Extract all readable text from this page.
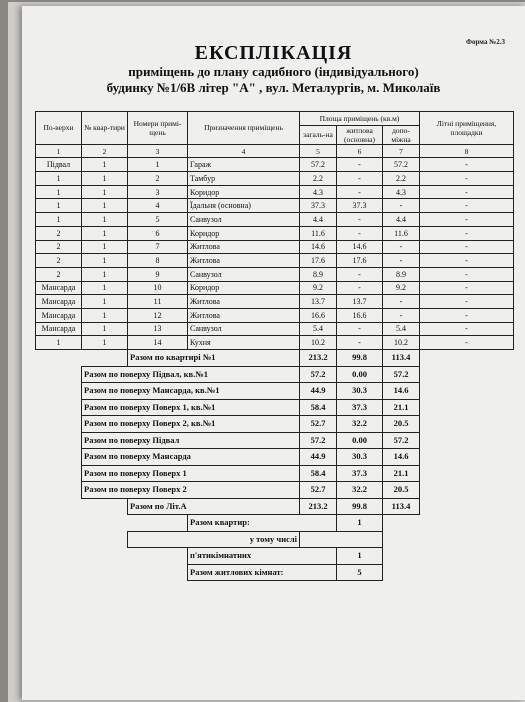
Форма №2.3
ЕКСПЛІКАЦІЯ
приміщень до плану садибного (індивідуального)
будинку №1/6В літер "А" , вул. Металургів, м. Миколаїв
По-верхи	№ квар-тири	Номери примі-щень	Призначення приміщень	Площа приміщень (кв.м)			Літні приміщення, площадки
				загаль-на	житлова (основна)	допо-міжна	
1	2	3	4	5	6	7	8
Підвал	1	1	Гараж	57.2	-	57.2	-
1	1	2	Тамбур	2.2	-	2.2	-
1	1	3	Коридор	4.3	-	4.3	-
1	1	4	Їдальня (основна)	37.3	37.3	-	-
1	1	5	Санвузол	4.4	-	4.4	-
2	1	6	Коридор	11.6	-	11.6	-
2	1	7	Житлова	14.6	14.6	-	-
2	1	8	Житлова	17.6	17.6	-	-
2	1	9	Санвузол	8.9	-	8.9	-
Мансарда	1	10	Коридор	9.2	-	9.2	-
Мансарда	1	11	Житлова	13.7	13.7	-	-
Мансарда	1	12	Житлова	16.6	16.6	-	-
Мансарда	1	13	Санвузол	5.4	-	5.4	-
1	1	14	Кухня	10.2	-	10.2	-
		Разом по квартирі №1		213.2	99.8	113.4	
	Разом по поверху Підвал, кв.№1			57.2	0.00	57.2	
	Разом по поверху Мансарда, кв.№1			44.9	30.3	14.6	
	Разом по поверху Поверх 1, кв.№1			58.4	37.3	21.1	
	Разом по поверху Поверх 2, кв.№1			52.7	32.2	20.5	
	Разом по поверху Підвал			57.2	0.00	57.2	
	Разом по поверху Мансарда			44.9	30.3	14.6	
	Разом по поверху Поверх 1			58.4	37.3	21.1	
	Разом по поверху Поверх 2			52.7	32.2	20.5	
		Разом по Літ.А		213.2	99.8	113.4	
			Разом квартир:		1		
		у тому числі					
			п'ятикімнатних		1		
			Разом житлових кімнат:		5		
